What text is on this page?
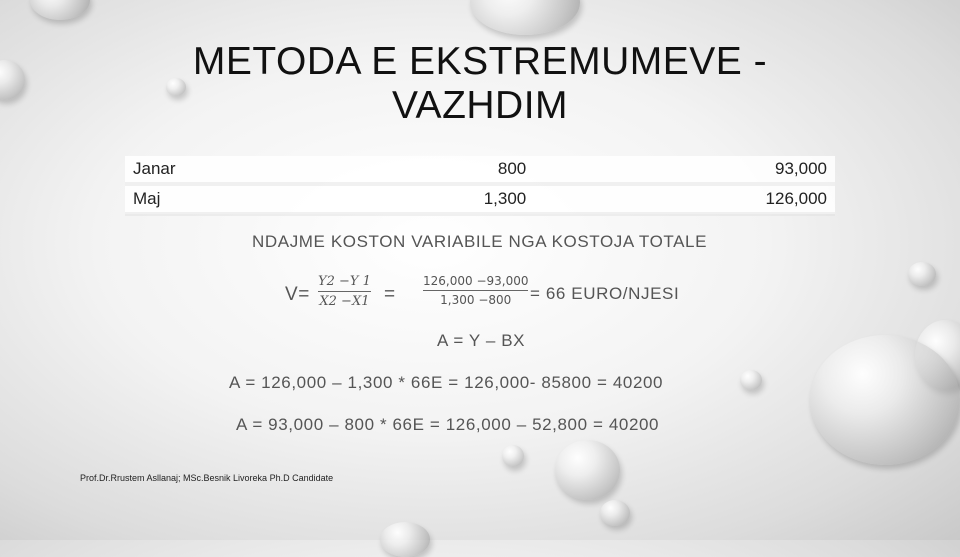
METODA E EKSTREMUMEVE -
VAZHDIM
Janar	800	93,000
Maj	1,300	126,000
NDAJME KOSTON VARIABILE NGA KOSTOJA TOTALE
V=
Y2 −Y 1
X2 −X1 =
126,000 −93,000
1,300 −800 = 66 EURO/NJESI
A = Y – BX
A = 126,000 – 1,300 * 66E = 126,000- 85800 = 40200
A = 93,000 – 800 * 66E = 126,000 – 52,800 = 40200
Prof.Dr.Rrustem Asllanaj; MSc.Besnik Livoreka Ph.D Candidate
